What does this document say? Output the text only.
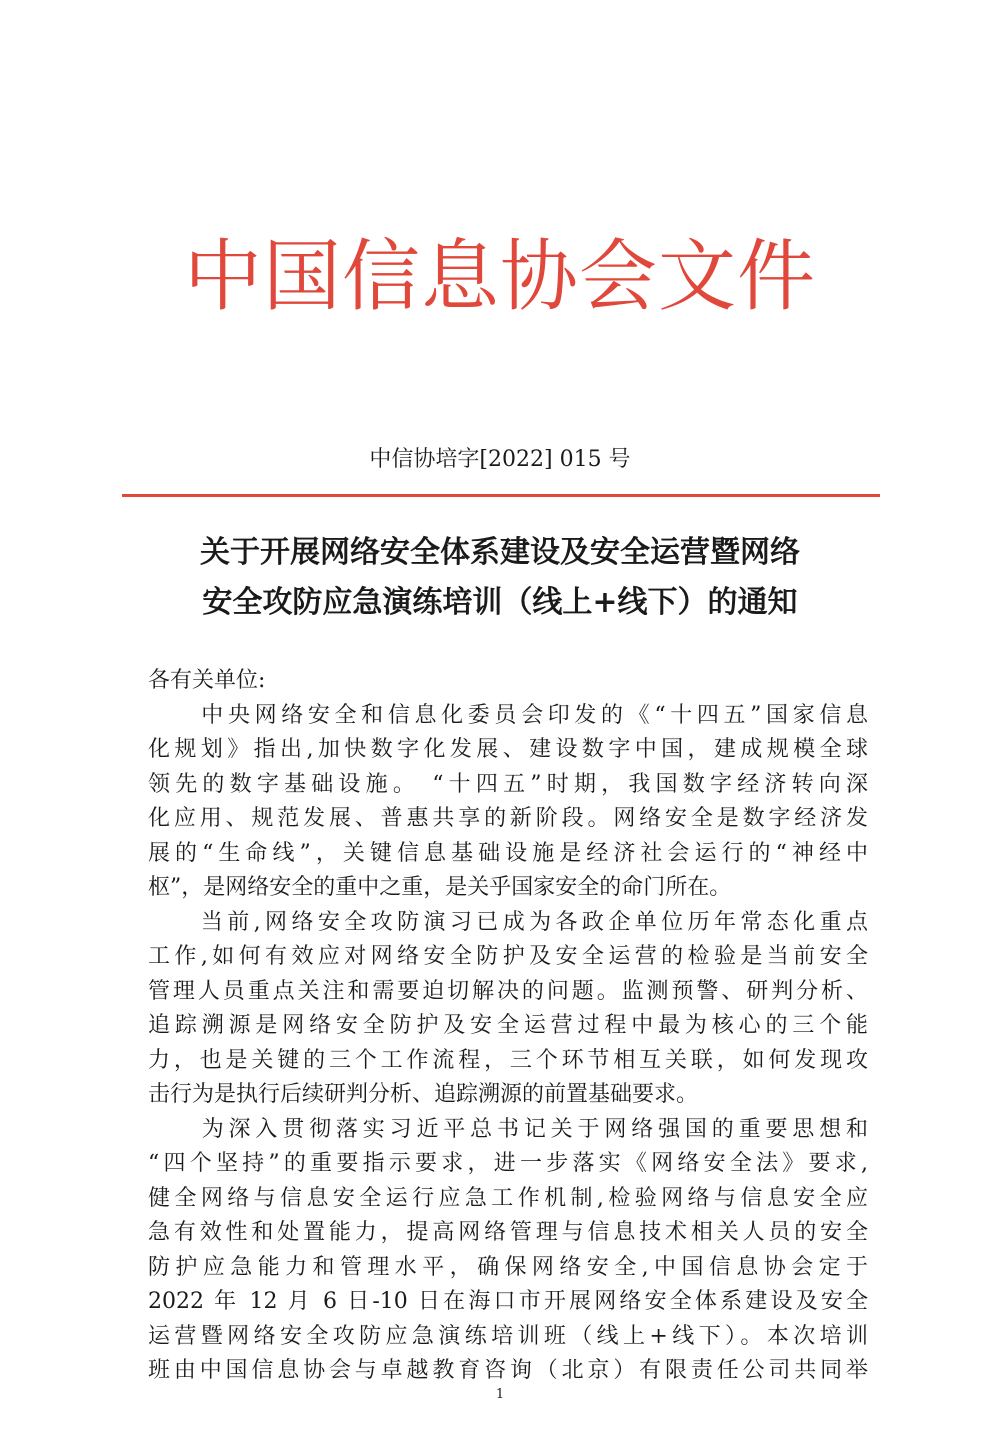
中国信息协会文件
中信协培字[2022] 015 号
关于开展网络安全体系建设及安全运营暨网络
安全攻防应急演练培训（线上+线下）的通知
各有关单位:
　　中央网络安全和信息化委员会印发的《“十四五”国家信息
化规划》指出,加快数字化发展、建设数字中国，建成规模全球
领先的数字基础设施。 “十四五”时期，我国数字经济转向深
化应用、规范发展、普惠共享的新阶段。网络安全是数字经济发
展的“生命线”，关键信息基础设施是经济社会运行的“神经中
枢”，是网络安全的重中之重，是关乎国家安全的命门所在。
　　当前,网络安全攻防演习已成为各政企单位历年常态化重点
工作,如何有效应对网络安全防护及安全运营的检验是当前安全
管理人员重点关注和需要迫切解决的问题。监测预警、研判分析、
追踪溯源是网络安全防护及安全运营过程中最为核心的三个能
力，也是关键的三个工作流程，三个环节相互关联，如何发现攻
击行为是执行后续研判分析、追踪溯源的前置基础要求。
　　为深入贯彻落实习近平总书记关于网络强国的重要思想和
“四个坚持”的重要指示要求，进一步落实《网络安全法》要求,
健全网络与信息安全运行应急工作机制,检验网络与信息安全应
急有效性和处置能力，提高网络管理与信息技术相关人员的安全
防护应急能力和管理水平，确保网络安全,中国信息协会定于
2022 年 12 月 6 日-10 日在海口市开展网络安全体系建设及安全
运营暨网络安全攻防应急演练培训班（线上+线下）。本次培训
班由中国信息协会与卓越教育咨询（北京）有限责任公司共同举
1
